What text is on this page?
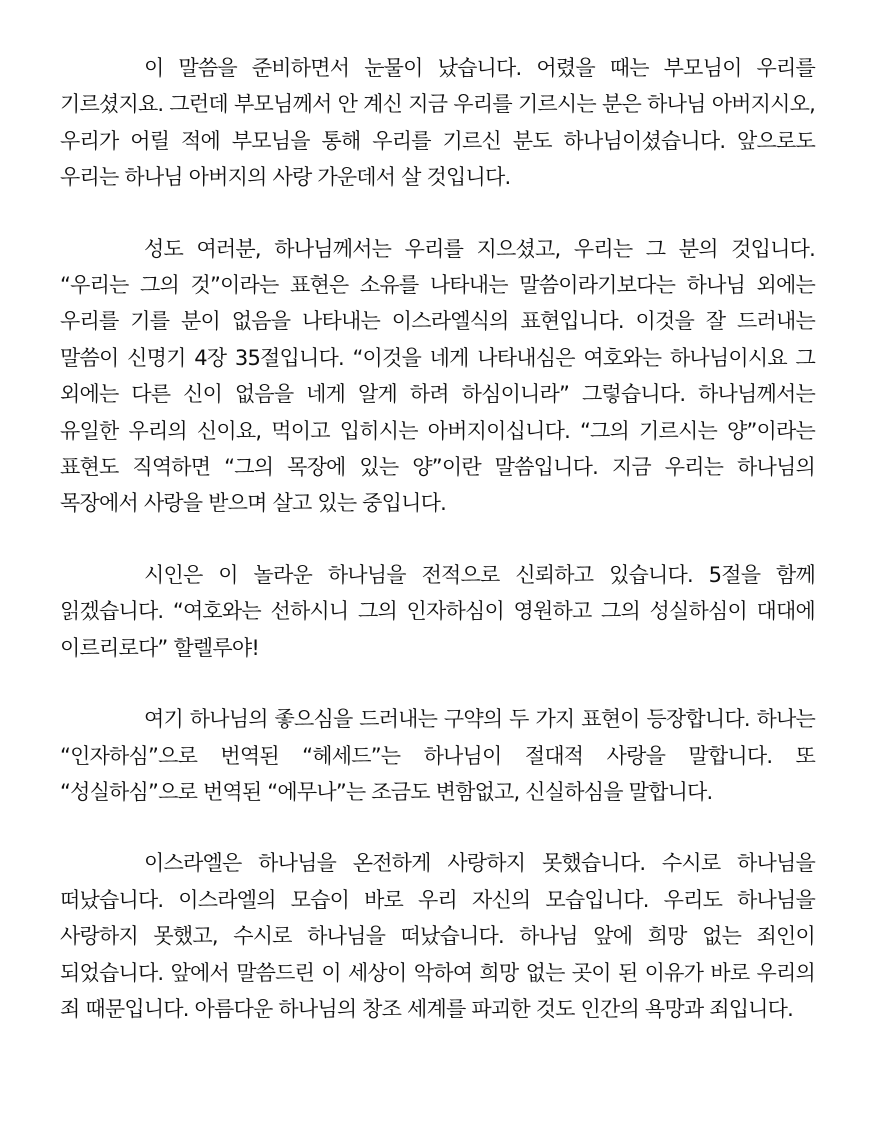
이 말씀을 준비하면서 눈물이 났습니다. 어렸을 때는 부모님이 우리를 기르셨지요. 그런데 부모님께서 안 계신 지금 우리를 기르시는 분은 하나님 아버지시오, 우리가 어릴 적에 부모님을 통해 우리를 기르신 분도 하나님이셨습니다. 앞으로도 우리는 하나님 아버지의 사랑 가운데서 살 것입니다.

성도 여러분, 하나님께서는 우리를 지으셨고, 우리는 그 분의 것입니다. “우리는 그의 것”이라는 표현은 소유를 나타내는 말씀이라기보다는 하나님 외에는 우리를 기를 분이 없음을 나타내는 이스라엘식의 표현입니다. 이것을 잘 드러내는 말씀이 신명기 4장 35절입니다. “이것을 네게 나타내심은 여호와는 하나님이시요 그 외에는 다른 신이 없음을 네게 알게 하려 하심이니라” 그렇습니다. 하나님께서는 유일한 우리의 신이요, 먹이고 입히시는 아버지이십니다. “그의 기르시는 양”이라는 표현도 직역하면 “그의 목장에 있는 양”이란 말씀입니다. 지금 우리는 하나님의 목장에서 사랑을 받으며 살고 있는 중입니다.

시인은 이 놀라운 하나님을 전적으로 신뢰하고 있습니다. 5절을 함께 읽겠습니다. “여호와는 선하시니 그의 인자하심이 영원하고 그의 성실하심이 대대에 이르리로다” 할렐루야!

여기 하나님의 좋으심을 드러내는 구약의 두 가지 표현이 등장합니다. 하나는 “인자하심”으로 번역된 “헤세드”는 하나님이 절대적 사랑을 말합니다. 또 “성실하심”으로 번역된 “에무나”는 조금도 변함없고, 신실하심을 말합니다.

이스라엘은 하나님을 온전하게 사랑하지 못했습니다. 수시로 하나님을 떠났습니다. 이스라엘의 모습이 바로 우리 자신의 모습입니다. 우리도 하나님을 사랑하지 못했고, 수시로 하나님을 떠났습니다. 하나님 앞에 희망 없는 죄인이 되었습니다. 앞에서 말씀드린 이 세상이 악하여 희망 없는 곳이 된 이유가 바로 우리의 죄 때문입니다. 아름다운 하나님의 창조 세계를 파괴한 것도 인간의 욕망과 죄입니다.
